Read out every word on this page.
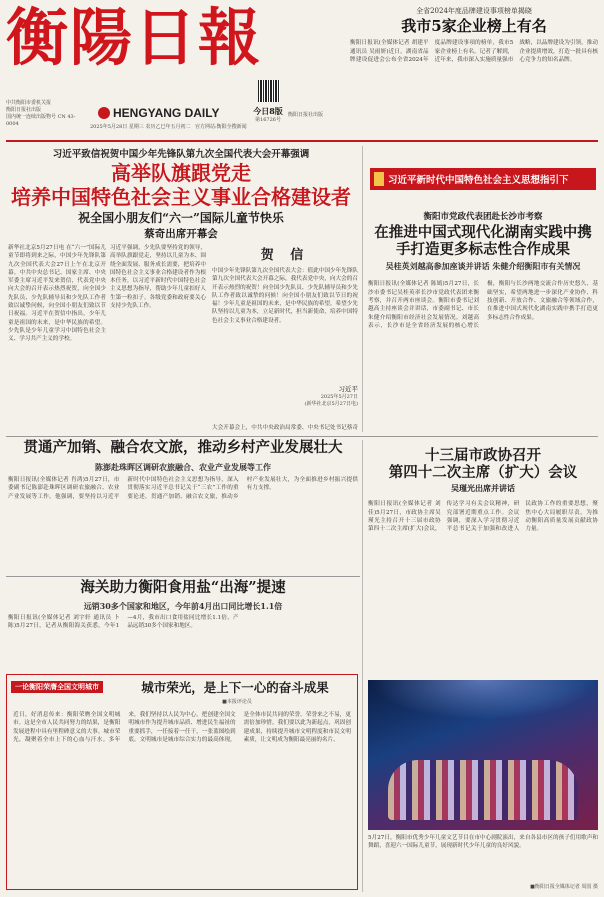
衡陽日報
中共衡阳市委机关报
衡阳日报社出版
国内统一连续出版物号 CN 43-0004
HENGYANG DAILY
2025年5月28日 星期三 农历乙巳年五月初二 官方网站:衡阳全搜新闻
今日8版
第16726号
衡阳日报社出版
全省2024年度品牌建设事项榜单揭晓
我市5家企业榜上有名
衡阳日报讯(全媒体记者 胡建平 通讯员 吴雨妍)近日，湖南省品牌建设促进会公布全省2024年度品牌建设事项的榜单，我市5家企业榜上有名。记者了解到，近年来，我市深入实施质量强市战略，以品牌建设为引领，推动企业提质增效，打造一批具有核心竞争力的知名品牌。
习近平致信祝贺中国少年先锋队第九次全国代表大会开幕强调
高举队旗跟党走
培养中国特色社会主义事业合格建设者
祝全国小朋友们“六一”国际儿童节快乐
蔡奇出席开幕会
新华社北京5月27日电 在“六一”国际儿童节即将到来之际，中国少年先锋队第九次全国代表大会27日上午在北京开幕。中共中央总书记、国家主席、中央军委主席习近平发来贺信，代表党中央向大会的召开表示热烈祝贺，向全国少先队员、少先队辅导员和少先队工作者致以诚挚问候，向全国小朋友们致以节日祝福。习近平在贺信中指出，少年儿童是祖国的未来，是中华民族的希望。少先队是少年儿童学习中国特色社会主义、学习共产主义的学校。
习近平强调，少先队要坚持党的领导，高举队旗跟党走，坚持以儿童为本、围绕全面发展、服务成长需要，把培养中国特色社会主义事业合格建设者作为根本任务，以习近平新时代中国特色社会主义思想为指导，帮助少年儿童扣好人生第一粒扣子。各级党委和政府要关心支持少先队工作。
贺 信
中国少年先锋队第九次全国代表大会：值此中国少年先锋队第九次全国代表大会开幕之际，我代表党中央，向大会的召开表示热烈的祝贺！向全国少先队员、少先队辅导员和少先队工作者致以诚挚的问候！向全国小朋友们致以节日的祝福！少年儿童是祖国的未来，是中华民族的希望。希望少先队坚持以儿童为本，立足新时代，担当新使命，培养中国特色社会主义事业合格建设者。
习近平
2025年5月27日
(新华社北京5月27日电)
大会开幕会上，中共中央政治局常委、中央书记处书记蔡奇
习近平新时代中国特色社会主义思想指引下
衡阳市党政代表团赴长沙市考察
在推进中国式现代化湖南实践中携手打造更多标志性合作成果
吴桂英刘越高参加座谈并讲话 朱健介绍衡阳市有关情况
衡阳日报讯(全媒体记者 陈嫣)5月27日，长沙市委书记吴桂英率长沙市党政代表团来衡考察，并召开两市座谈会。衡阳市委书记刘越高主持座谈会并讲话，市委副书记、市长朱健介绍衡阳市经济社会发展情况。刘越高表示，长沙市是全省经济发展的核心增长极，衡阳与长沙两地交流合作历史悠久、基础坚实，希望两地进一步深化产业协作、科技创新、开放合作、文旅融合等领域合作，在推进中国式现代化湖南实践中携手打造更多标志性合作成果。
贯通产加销、融合农文旅，推动乡村产业发展壮大
陈澎赴珠晖区调研农旅融合、农业产业发展等工作
衡阳日报讯(全媒体记者 肖鸿)5月27日，市委副书记陈澎赴珠晖区调研农旅融合、农业产业发展等工作。他强调，要坚持以习近平新时代中国特色社会主义思想为指导，深入贯彻落实习近平总书记关于“三农”工作的重要论述，贯通产加销、融合农文旅，推动乡村产业发展壮大，为全面推进乡村振兴提供有力支撑。
十三届市政协召开
第四十二次主席（扩大）会议
吴瑾光出席并讲话
衡阳日报讯(全媒体记者 刘佳)5月27日，市政协主席吴瑾光主持召开十三届市政协第四十二次主席(扩大)会议，传达学习有关会议精神，研究部署近期重点工作。会议强调，要深入学习贯彻习近平总书记关于加强和改进人民政协工作的重要思想，聚焦中心大局履职尽责，为推动衡阳高质量发展贡献政协力量。
5月27日，衡阳市优秀少年儿童文艺节目在市中心剧院演出，来自各县市区的孩子们用歌声和舞蹈，喜迎六一国际儿童节，展现新时代少年儿童的良好风貌。
■衡阳日报全媒体记者 周国 摄
海关助力衡阳食用盐“出海”提速
远销30多个国家和地区，今年前4月出口同比增长1.1倍
衡阳日报讯(全媒体记者 刘宇轩 通讯员 卜陈)5月27日，记者从衡阳海关获悉，今年1—4月，我市出口食用盐同比增长1.1倍，产品远销30多个国家和地区。
一论衡阳荣膺全国文明城市	城市荣光，是上下一心的奋斗成果
■本报评论员
近日，好消息传来：衡阳荣膺全国文明城市。这是全市人民共同努力的结果，是衡阳发展进程中具有里程碑意义的大事。城市荣光，凝聚着全市上下的心血与汗水。多年来，我们坚持以人民为中心，把创建全国文明城市作为提升城市品质、增进民生福祉的重要抓手，一任接着一任干，一张蓝图绘到底。文明城市是城市综合实力的最高体现，是全体市民共同的荣誉。荣誉来之不易，更需倍加珍惜。我们要以此为新起点，巩固创建成果，持续提升城市文明程度和市民文明素质，让文明成为衡阳最亮丽的名片。
